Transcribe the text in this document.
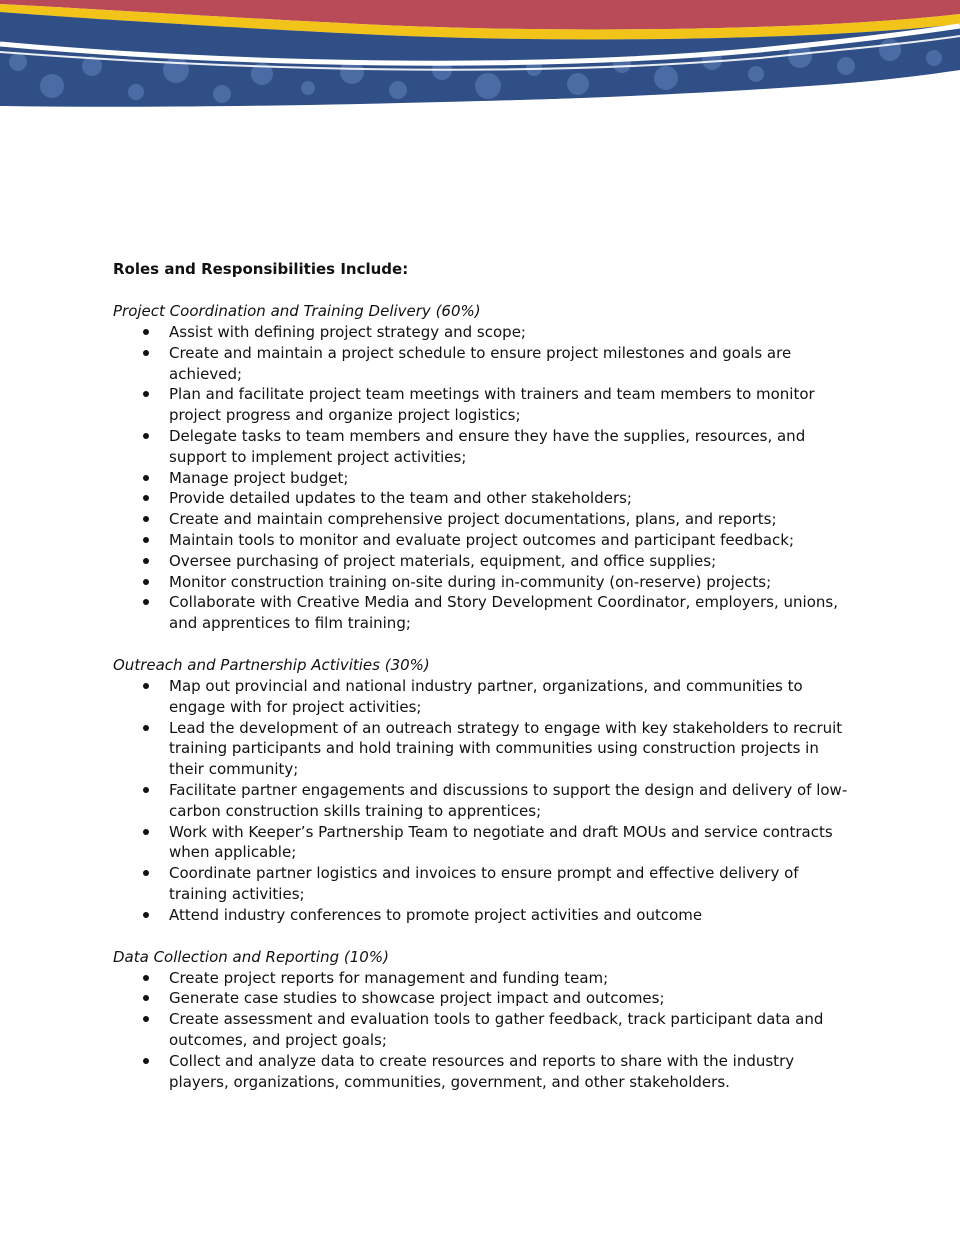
Roles and Responsibilities Include:

Project Coordination and Training Delivery (60%)

Assist with defining project strategy and scope;
Create and maintain a project schedule to ensure project milestones and goals are achieved;
Plan and facilitate project team meetings with trainers and team members to monitor project progress and organize project logistics;
Delegate tasks to team members and ensure they have the supplies, resources, and support to implement project activities;
Manage project budget;
Provide detailed updates to the team and other stakeholders;
Create and maintain comprehensive project documentations, plans, and reports;
Maintain tools to monitor and evaluate project outcomes and participant feedback;
Oversee purchasing of project materials, equipment, and office supplies;
Monitor construction training on-site during in-community (on-reserve) projects;
Collaborate with Creative Media and Story Development Coordinator, employers, unions, and apprentices to film training;

Outreach and Partnership Activities (30%)

Map out provincial and national industry partner, organizations, and communities to engage with for project activities;
Lead the development of an outreach strategy to engage with key stakeholders to recruit training participants and hold training with communities using construction projects in their community;
Facilitate partner engagements and discussions to support the design and delivery of low-carbon construction skills training to apprentices;
Work with Keeper’s Partnership Team to negotiate and draft MOUs and service contracts when applicable;
Coordinate partner logistics and invoices to ensure prompt and effective delivery of training activities;
Attend industry conferences to promote project activities and outcome

Data Collection and Reporting (10%)

Create project reports for management and funding team;
Generate case studies to showcase project impact and outcomes;
Create assessment and evaluation tools to gather feedback, track participant data and outcomes, and project goals;
Collect and analyze data to create resources and reports to share with the industry players, organizations, communities, government, and other stakeholders.
